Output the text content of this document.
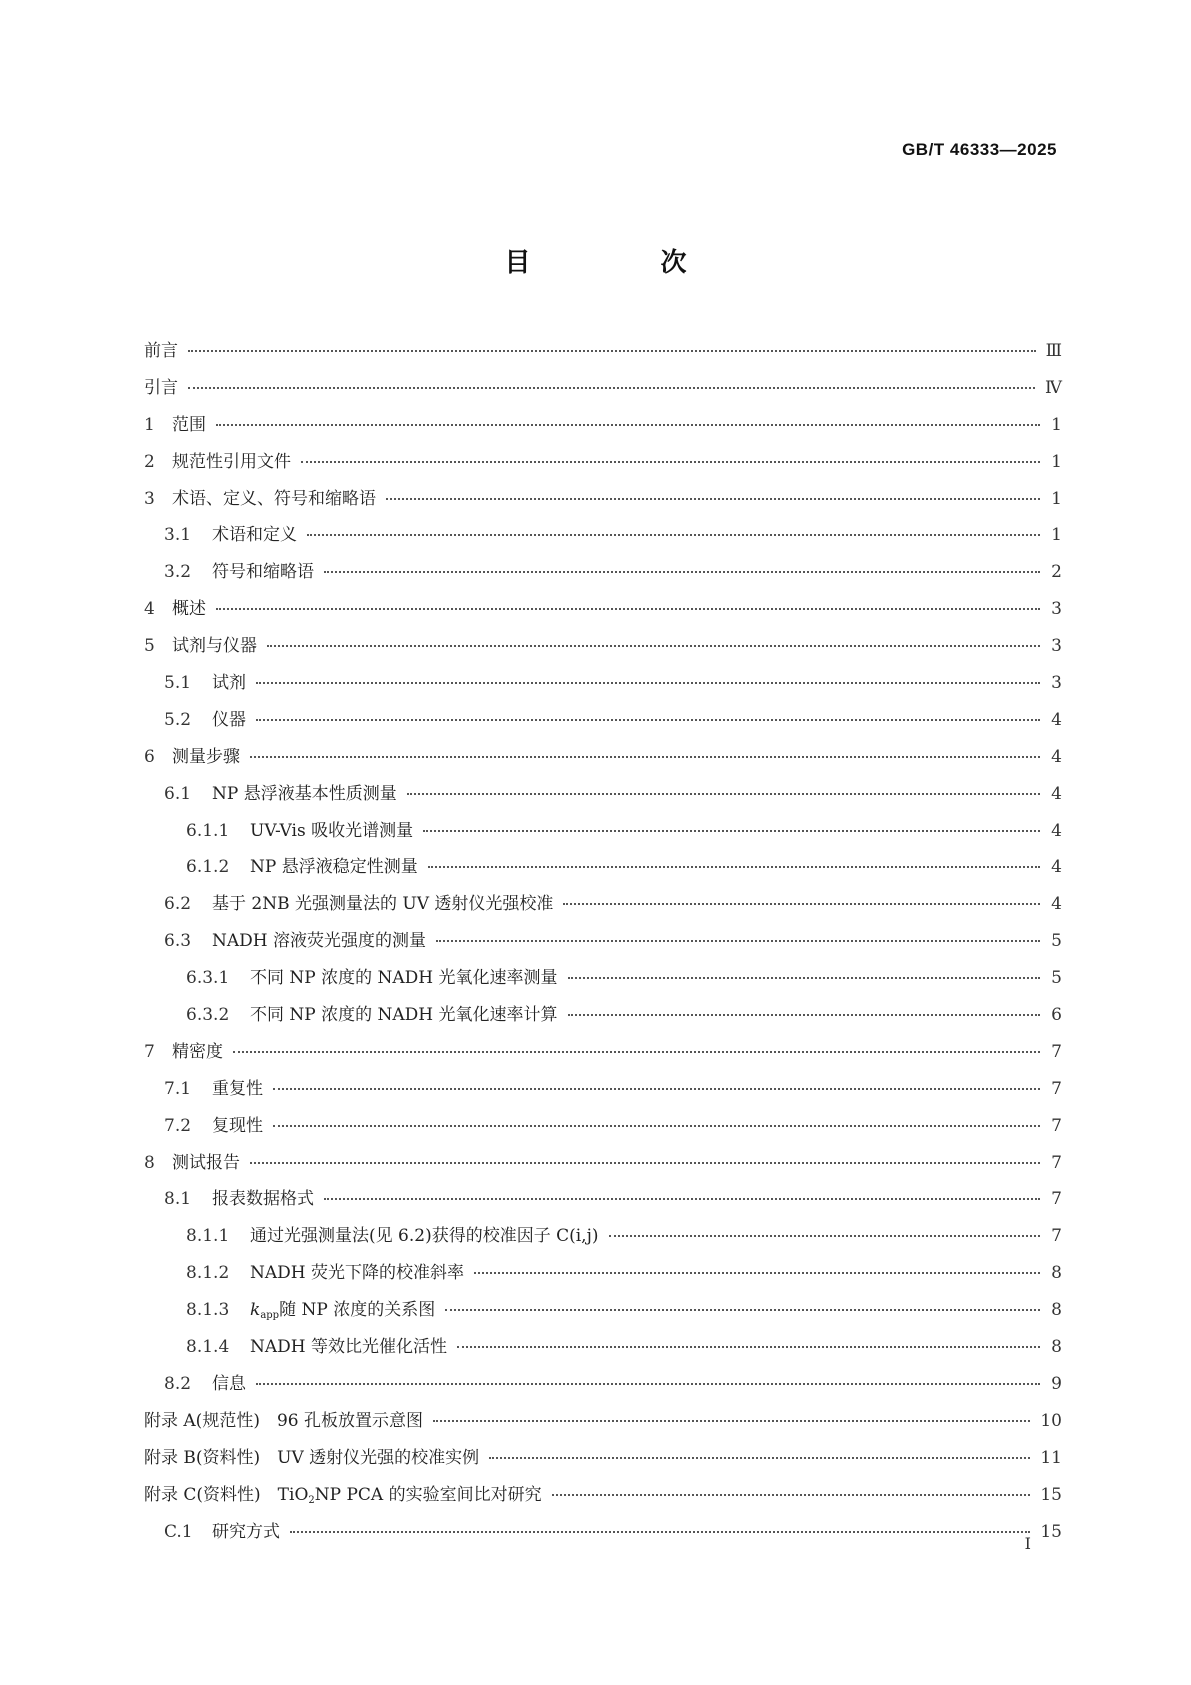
GB/T 46333—2025
目　次
前言	Ⅲ
引言	Ⅳ
1	范围	1
2	规范性引用文件	1
3	术语、定义、符号和缩略语	1
3.1	术语和定义	1
3.2	符号和缩略语	2
4	概述	3
5	试剂与仪器	3
5.1	试剂	3
5.2	仪器	4
6	测量步骤	4
6.1	NP 悬浮液基本性质测量	4
6.1.1	UV-Vis 吸收光谱测量	4
6.1.2	NP 悬浮液稳定性测量	4
6.2	基于 2NB 光强测量法的 UV 透射仪光强校准	4
6.3	NADH 溶液荧光强度的测量	5
6.3.1	不同 NP 浓度的 NADH 光氧化速率测量	5
6.3.2	不同 NP 浓度的 NADH 光氧化速率计算	6
7	精密度	7
7.1	重复性	7
7.2	复现性	7
8	测试报告	7
8.1	报表数据格式	7
8.1.1	通过光强测量法(见 6.2)获得的校准因子 C(i,j)	7
8.1.2	NADH 荧光下降的校准斜率	8
8.1.3	$k_{app}$随 NP 浓度的关系图	8
8.1.4	NADH 等效比光催化活性	8
8.2	信息	9
附录 A(规范性)　96 孔板放置示意图	10
附录 B(资料性)　UV 透射仪光强的校准实例	11
附录 C(资料性)　TiO$_2$NP PCA 的实验室间比对研究	15
C.1	研究方式	15
I
